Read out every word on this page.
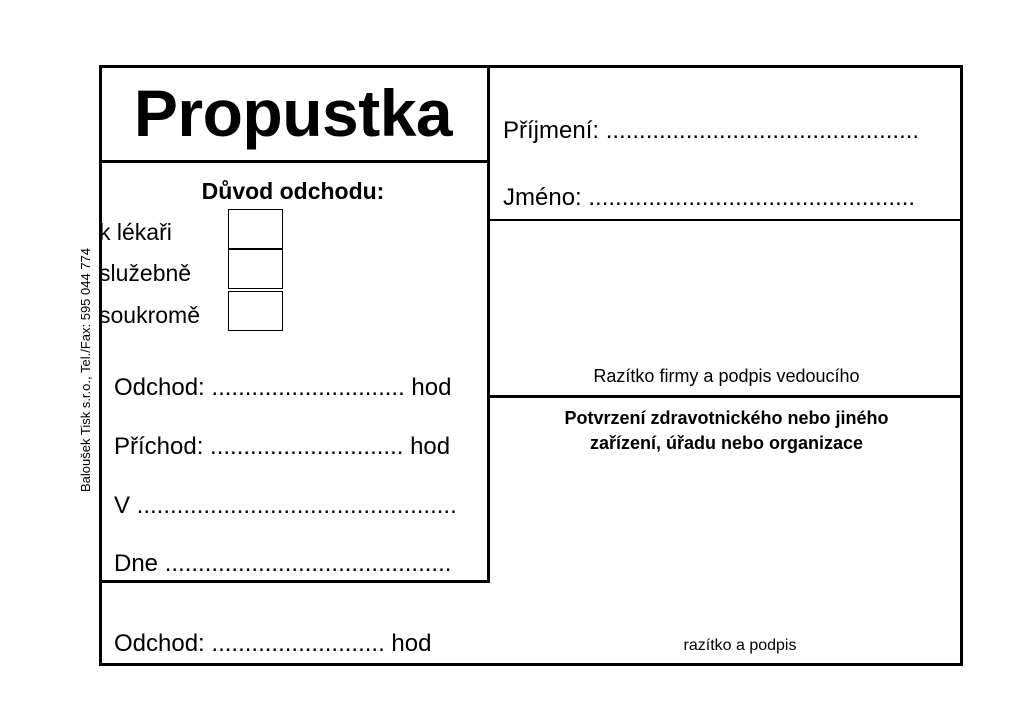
Baloušek Tisk s.r.o., Tel./Fax: 595 044 774
Propustka
Důvod odchodu:
k lékaři
služebně
soukromě
Odchod: ............................. hod
Příchod: ............................. hod
V ................................................
Dne ...........................................
Příjmení: ...............................................
Jméno: .................................................
Razítko firmy a podpis vedoucího
Potvrzení zdravotnického nebo jiného
zařízení, úřadu nebo organizace
Odchod: .......................... hod	razítko a podpis
